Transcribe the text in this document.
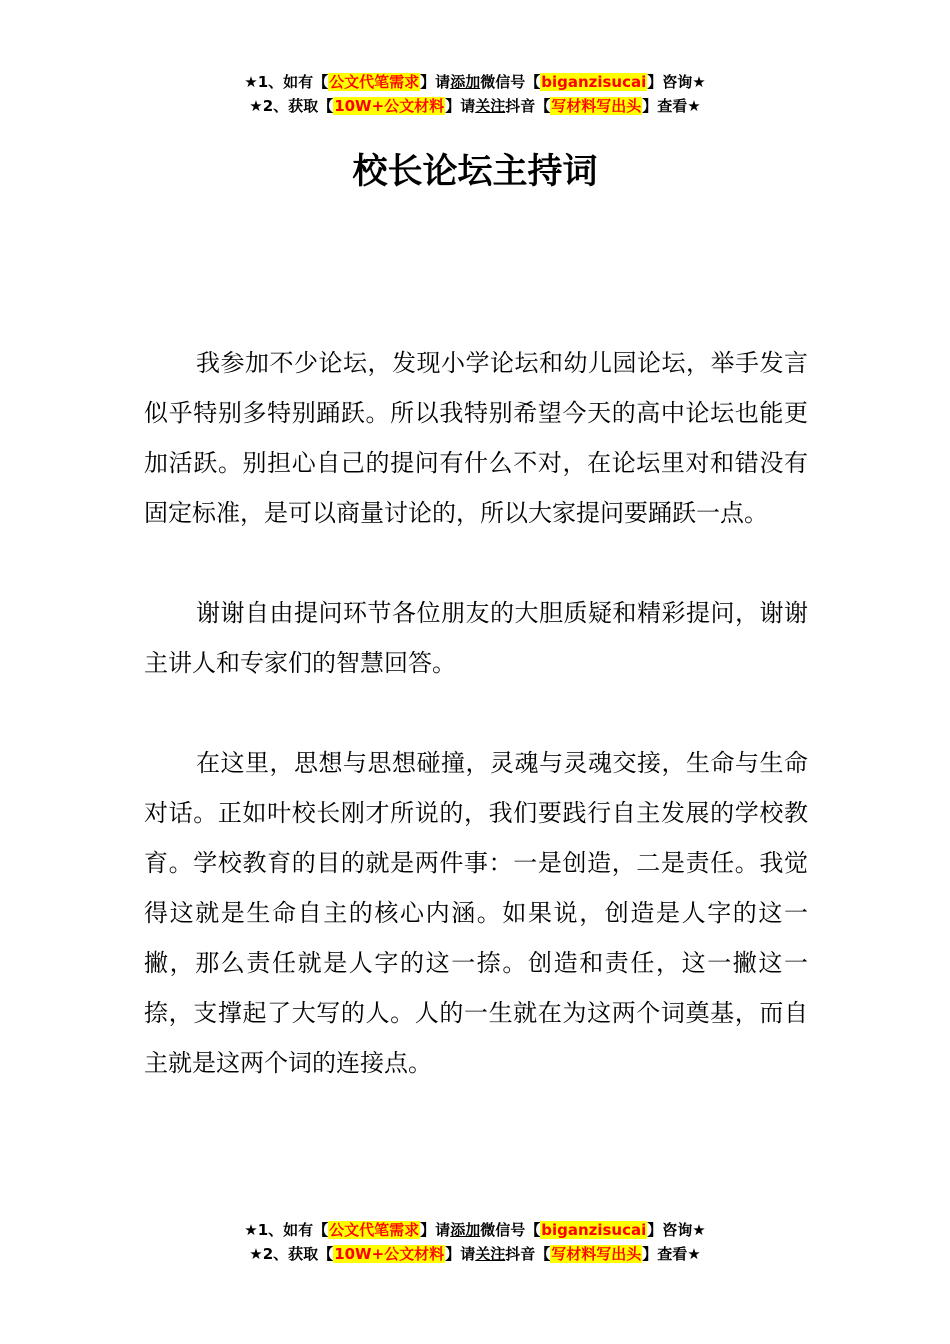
★1、如有【公文代笔需求】请添加微信号【biganzisucai】咨询★
★2、获取【10W+公文材料】请关注抖音【写材料写出头】查看★
校长论坛主持词

我参加不少论坛，发现小学论坛和幼儿园论坛，举手发言似乎特别多特别踊跃。所以我特别希望今天的高中论坛也能更加活跃。别担心自己的提问有什么不对，在论坛里对和错没有固定标准，是可以商量讨论的，所以大家提问要踊跃一点。

谢谢自由提问环节各位朋友的大胆质疑和精彩提问，谢谢主讲人和专家们的智慧回答。

在这里，思想与思想碰撞，灵魂与灵魂交接，生命与生命对话。正如叶校长刚才所说的，我们要践行自主发展的学校教育。学校教育的目的就是两件事：一是创造，二是责任。我觉得这就是生命自主的核心内涵。如果说，创造是人字的这一撇，那么责任就是人字的这一捺。创造和责任，这一撇这一捺，支撑起了大写的人。人的一生就在为这两个词奠基，而自主就是这两个词的连接点。

★1、如有【公文代笔需求】请添加微信号【biganzisucai】咨询★
★2、获取【10W+公文材料】请关注抖音【写材料写出头】查看★
